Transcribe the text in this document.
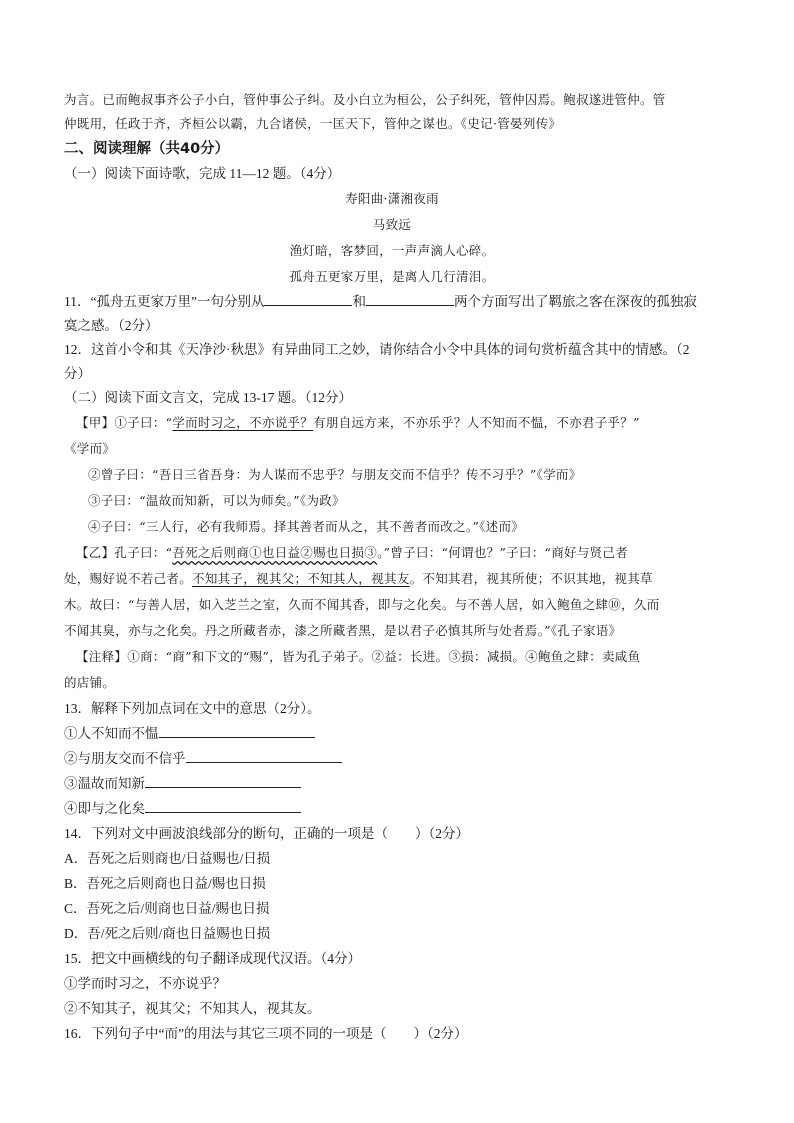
为言。已而鲍叔事齐公子小白，管仲事公子纠。及小白立为桓公，公子纠死，管仲囚焉。鲍叔遂进管仲。管
仲既用，任政于齐，齐桓公以霸，九合诸侯，一匡天下，管仲之谋也。《史记·管晏列传》
二、阅读理解（共40分）
（一）阅读下面诗歌，完成 11—12 题。（4分）
寿阳曲·潇湘夜雨
马致远
渔灯暗，客梦回，一声声滴人心碎。
孤舟五更家万里，是离人几行清泪。
11．“孤舟五更家万里”一句分别从	和	两个方面写出了羁旅之客在深夜的孤独寂
寞之感。（2分）
12．这首小令和其《天净沙·秋思》有异曲同工之妙，请你结合小令中具体的词句赏析蕴含其中的情感。（2
分）
（二）阅读下面文言文，完成 13-17 题。（12分）
【甲】①子曰：“学而时习之，不亦说乎？有朋自远方来，不亦乐乎？人不知而不愠，不亦君子乎？”
《学而》
②曾子曰：“吾日三省吾身：为人谋而不忠乎？与朋友交而不信乎？传不习乎？”《学而》
③子曰：“温故而知新，可以为师矣。”《为政》
④子曰：“三人行，必有我师焉。择其善者而从之，其不善者而改之。”《述而》
【乙】孔子曰：“吾死之后则商①也日益②赐也日损③。”曾子曰：“何谓也？”子曰：“商好与贤己者
处，赐好说不若己者。不知其子，视其父；不知其人，视其友。不知其君，视其所使；不识其地，视其草
木。故曰：“与善人居，如入芝兰之室，久而不闻其香，即与之化矣。与不善人居，如入鲍鱼之肆⑩，久而
不闻其臭，亦与之化矣。丹之所藏者赤，漆之所藏者黑，是以君子必慎其所与处者焉。”《孔子家语》
【注释】①商：“商”和下文的“赐”，皆为孔子弟子。②益：长进。③损：减损。④鲍鱼之肆：卖咸鱼
的店铺。
13．解释下列加点词在文中的意思（2分）。
①人不知而不愠
②与朋友交而不信乎
③温故而知新
④即与之化矣
14．下列对文中画波浪线部分的断句，正确的一项是（　　）（2分）
A．吾死之后则商也/日益赐也/日损
B．吾死之后则商也日益/赐也日损
C．吾死之后/则商也日益/赐也日损
D．吾/死之后则/商也日益赐也日损
15．把文中画横线的句子翻译成现代汉语。（4分）
①学而时习之，不亦说乎？
②不知其子，视其父；不知其人，视其友。
16．下列句子中“而”的用法与其它三项不同的一项是（　　）（2分）
